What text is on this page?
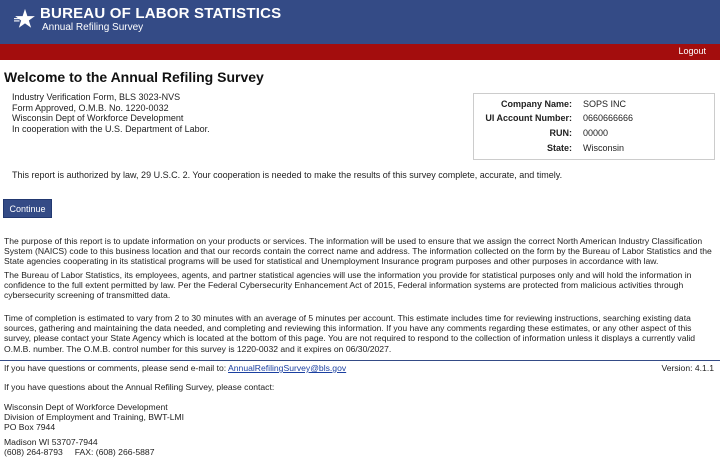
BUREAU OF LABOR STATISTICS
Annual Refiling Survey
Logout
Welcome to the Annual Refiling Survey
Industry Verification Form, BLS 3023-NVS
Form Approved, O.M.B. No. 1220-0032
Wisconsin Dept of Workforce Development
In cooperation with the U.S. Department of Labor.
Company Name: SOPS INC
UI Account Number: 0660666666
RUN: 00000
State: Wisconsin
This report is authorized by law, 29 U.S.C. 2. Your cooperation is needed to make the results of this survey complete, accurate, and timely.
Continue
The purpose of this report is to update information on your products or services. The information will be used to ensure that we assign the correct North American Industry Classification System (NAICS) code to this business location and that our records contain the correct name and address. The information collected on the form by the Bureau of Labor Statistics and the State agencies cooperating in its statistical programs will be used for statistical and Unemployment Insurance program purposes and other purposes in accordance with law.
The Bureau of Labor Statistics, its employees, agents, and partner statistical agencies will use the information you provide for statistical purposes only and will hold the information in confidence to the full extent permitted by law. Per the Federal Cybersecurity Enhancement Act of 2015, Federal information systems are protected from malicious activities through cybersecurity screening of transmitted data.
Time of completion is estimated to vary from 2 to 30 minutes with an average of 5 minutes per account. This estimate includes time for reviewing instructions, searching existing data sources, gathering and maintaining the data needed, and completing and reviewing this information. If you have any comments regarding these estimates, or any other aspect of this survey, please contact your State Agency which is located at the bottom of this page. You are not required to respond to the collection of information unless it displays a currently valid O.M.B. number. The O.M.B. control number for this survey is 1220-0032 and it expires on 06/30/2027.
If you have questions or comments, please send e-mail to: AnnualRefilingSurvey@bls.gov	Version: 4.1.1
If you have questions about the Annual Refiling Survey, please contact:
Wisconsin Dept of Workforce Development
Division of Employment and Training, BWT-LMI
PO Box 7944
Madison WI 53707-7944
(608) 264-8793     FAX: (608) 266-5887
